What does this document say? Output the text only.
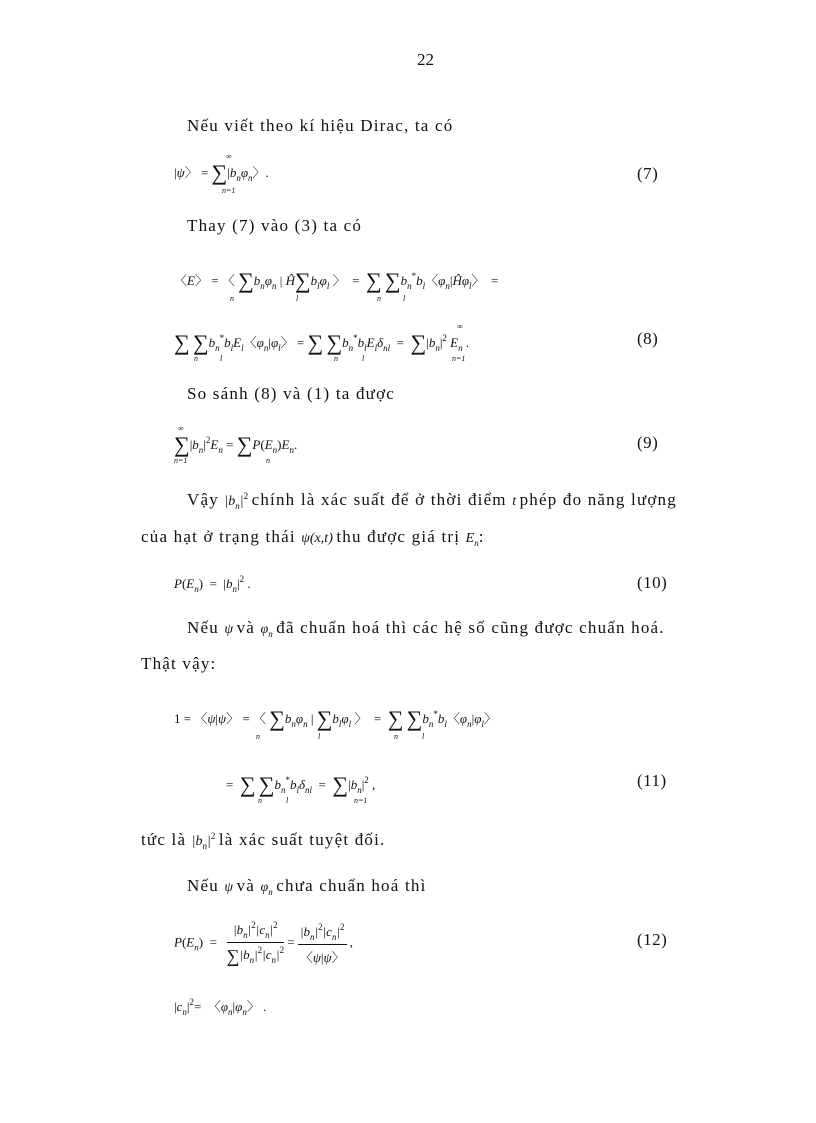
22
Nếu viết theo kí hiệu Dirac, ta có
|ψ〉 = $\sum|b_n\varphi_n$〉.
∞
n=1
(7)
Thay (7) vào (3) ta có
〈E〉 = 〈 $\sum b_n\varphi_n$ | $Ĥ\sum b_l\varphi_l$ 〉  =  ∑ $\sum b_n^*b_l$〈$\varphi_n|Ĥ\varphi_l$〉  =
n	l	n	l
∑ $\sum b_n^*b_lE_l$〈$\varphi_n|\varphi_l$〉 = ∑ $\sum b_n^*b_lE_l\delta_{nl} = \sum|b_n|^2$ $E_n$ .
n	l	n	l
∞
n=1
(8)
So sánh (8) và (1) ta được
$\sum|b_n|^2E_n = \sum P(E_n)E_n$.
∞
n=1	n
(9)
Vậy $|b_n|^2$ chính là xác suất để ở thời điểm t phép đo năng lượng
của hạt ở trạng thái ψ(x,t) thu được giá trị $E_n$:
$P(E_n) = |b_n|^2$ .	(10)
Nếu ψ và $\varphi_n$ đã chuẩn hoá thì các hệ số cũng được chuẩn hoá.
Thật vậy:
1 = 〈ψ|ψ〉 = 〈 $\sum b_n\varphi_n$ | $\sum b_l\varphi_l$ 〉  =  ∑ $\sum b_n^*b_l$〈$\varphi_n|\varphi_l$〉
n	l	n	l
=  ∑ $\sum b_n^*b_l\delta_{nl} = \sum|b_n|^2$ ,
n	l	n=1
(11)
tức là $|b_n|^2$ là xác suất tuyệt đối.
Nếu ψ và $\varphi_n$ chưa chuẩn hoá thì
$P(E_n) = \frac{|b_n|^2|c_n|^2}{\sum|b_n|^2|c_n|^2} = \frac{|b_n|^2|c_n|^2}{〈\psi|\psi〉}$ ,	(12)
$|c_n|^2=$  〈$\varphi_n|\varphi_n$〉 .
